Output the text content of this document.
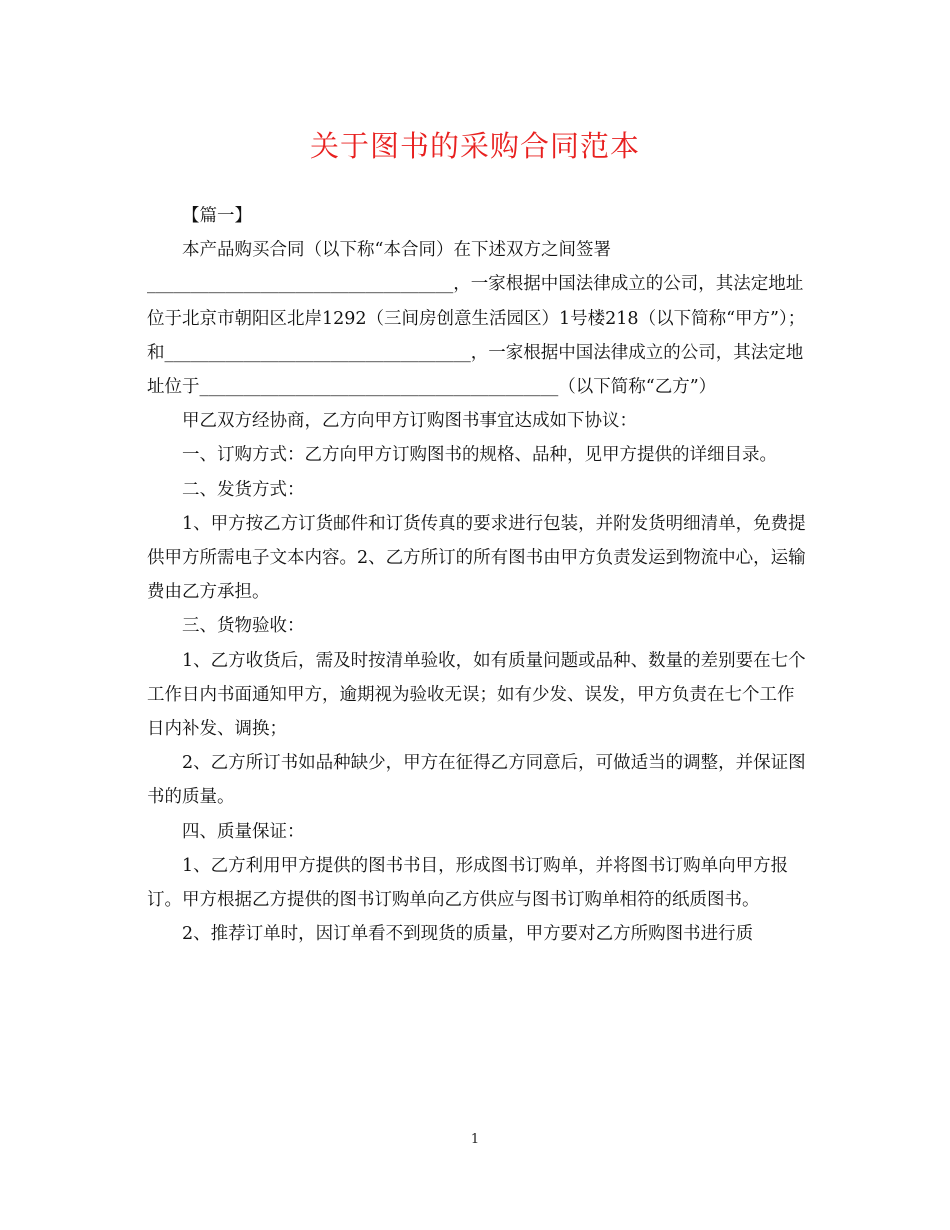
关于图书的采购合同范本

【篇一】

本产品购买合同（以下称“本合同）在下述双方之间签署

___________________________________，一家根据中国法律成立的公司，其法定地址位于北京市朝阳区北岸1292（三间房创意生活园区）1号楼218（以下简称“甲方”）；和___________________________________，一家根据中国法律成立的公司，其法定地址位于_________________________________________（以下简称“乙方”）

甲乙双方经协商，乙方向甲方订购图书事宜达成如下协议：

一、订购方式：乙方向甲方订购图书的规格、品种，见甲方提供的详细目录。

二、发货方式：

1、甲方按乙方订货邮件和订货传真的要求进行包装，并附发货明细清单，免费提供甲方所需电子文本内容。2、乙方所订的所有图书由甲方负责发运到物流中心，运输费由乙方承担。

三、货物验收：

1、乙方收货后，需及时按清单验收，如有质量问题或品种、数量的差别要在七个工作日内书面通知甲方，逾期视为验收无误；如有少发、误发，甲方负责在七个工作日内补发、调换；

2、乙方所订书如品种缺少，甲方在征得乙方同意后，可做适当的调整，并保证图书的质量。

四、质量保证：

1、乙方利用甲方提供的图书书目，形成图书订购单，并将图书订购单向甲方报订。甲方根据乙方提供的图书订购单向乙方供应与图书订购单相符的纸质图书。

2、推荐订单时，因订单看不到现货的质量，甲方要对乙方所购图书进行质

1
